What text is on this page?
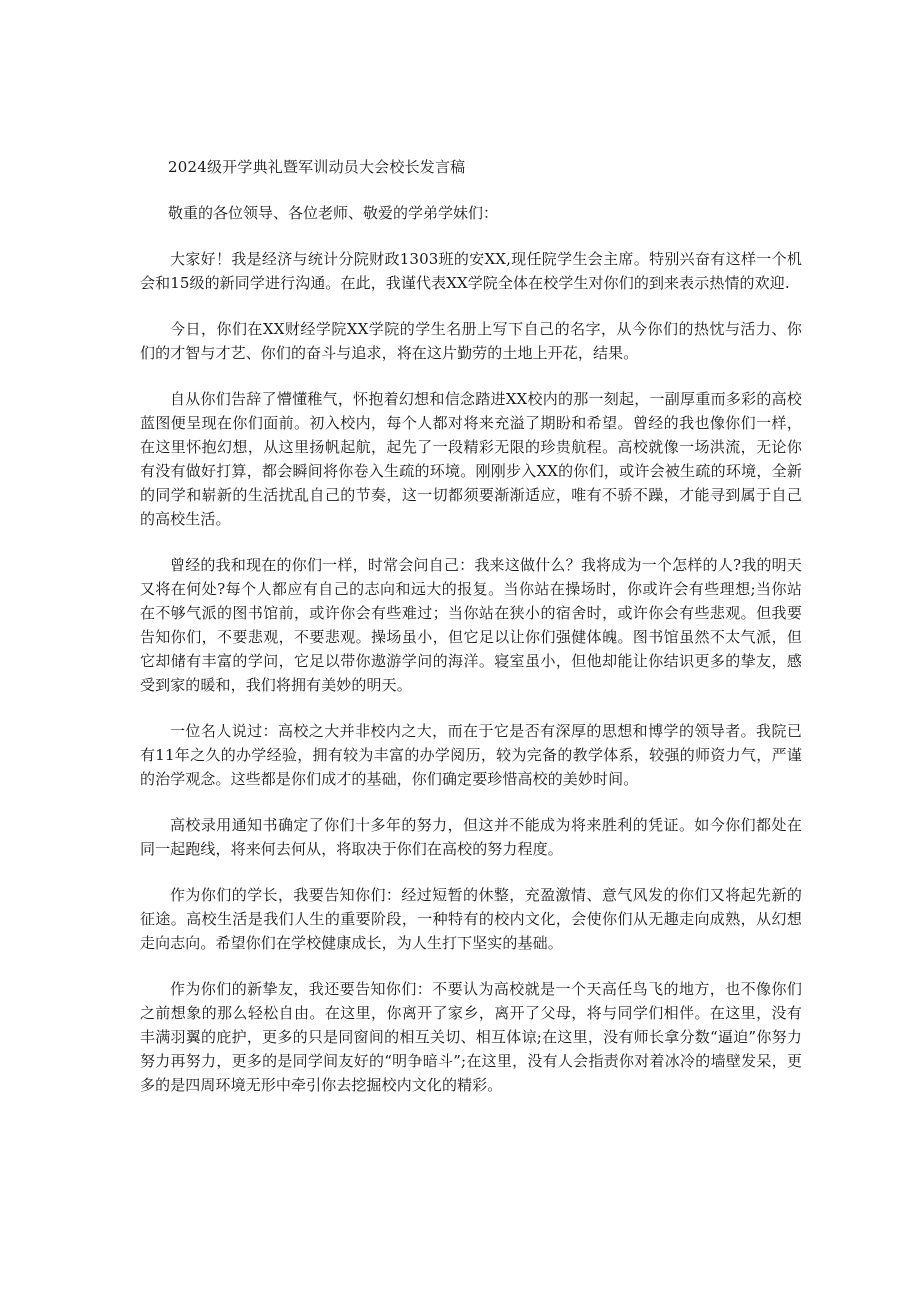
2024级开学典礼暨军训动员大会校长发言稿
敬重的各位领导、各位老师、敬爱的学弟学妹们：

大家好！我是经济与统计分院财政1303班的安XX,现任院学生会主席。特别兴奋有这样一个机会和15级的新同学进行沟通。在此，我谨代表XX学院全体在校学生对你们的到来表示热情的欢迎.

今日，你们在XX财经学院XX学院的学生名册上写下自己的名字，从今你们的热忱与活力、你们的才智与才艺、你们的奋斗与追求，将在这片勤劳的土地上开花，结果。

自从你们告辞了懵懂稚气，怀抱着幻想和信念踏进XX校内的那一刻起，一副厚重而多彩的高校蓝图便呈现在你们面前。初入校内，每个人都对将来充溢了期盼和希望。曾经的我也像你们一样，在这里怀抱幻想，从这里扬帆起航，起先了一段精彩无限的珍贵航程。高校就像一场洪流，无论你有没有做好打算，都会瞬间将你卷入生疏的环境。刚刚步入XX的你们，或许会被生疏的环境，全新的同学和崭新的生活扰乱自己的节奏，这一切都须要渐渐适应，唯有不骄不躁，才能寻到属于自己的高校生活。

曾经的我和现在的你们一样，时常会问自己：我来这做什么？我将成为一个怎样的人?我的明天又将在何处?每个人都应有自己的志向和远大的报复。当你站在操场时，你或许会有些理想;当你站在不够气派的图书馆前，或许你会有些难过；当你站在狭小的宿舍时，或许你会有些悲观。但我要告知你们，不要悲观，不要悲观。操场虽小，但它足以让你们强健体魄。图书馆虽然不太气派，但它却储有丰富的学问，它足以带你遨游学问的海洋。寝室虽小，但他却能让你结识更多的挚友，感受到家的暖和，我们将拥有美妙的明天。

一位名人说过：高校之大并非校内之大，而在于它是否有深厚的思想和博学的领导者。我院已有11年之久的办学经验，拥有较为丰富的办学阅历，较为完备的教学体系，较强的师资力气，严谨的治学观念。这些都是你们成才的基础，你们确定要珍惜高校的美妙时间。

高校录用通知书确定了你们十多年的努力，但这并不能成为将来胜利的凭证。如今你们都处在同一起跑线，将来何去何从，将取决于你们在高校的努力程度。

作为你们的学长，我要告知你们：经过短暂的休整，充盈激情、意气风发的你们又将起先新的征途。高校生活是我们人生的重要阶段，一种特有的校内文化，会使你们从无趣走向成熟，从幻想走向志向。希望你们在学校健康成长，为人生打下坚实的基础。

作为你们的新挚友，我还要告知你们：不要认为高校就是一个天高任鸟飞的地方，也不像你们之前想象的那么轻松自由。在这里，你离开了家乡，离开了父母，将与同学们相伴。在这里，没有丰满羽翼的庇护，更多的只是同窗间的相互关切、相互体谅;在这里，没有师长拿分数“逼迫”你努力努力再努力，更多的是同学间友好的“明争暗斗”;在这里，没有人会指责你对着冰冷的墙壁发呆，更多的是四周环境无形中牵引你去挖掘校内文化的精彩。
